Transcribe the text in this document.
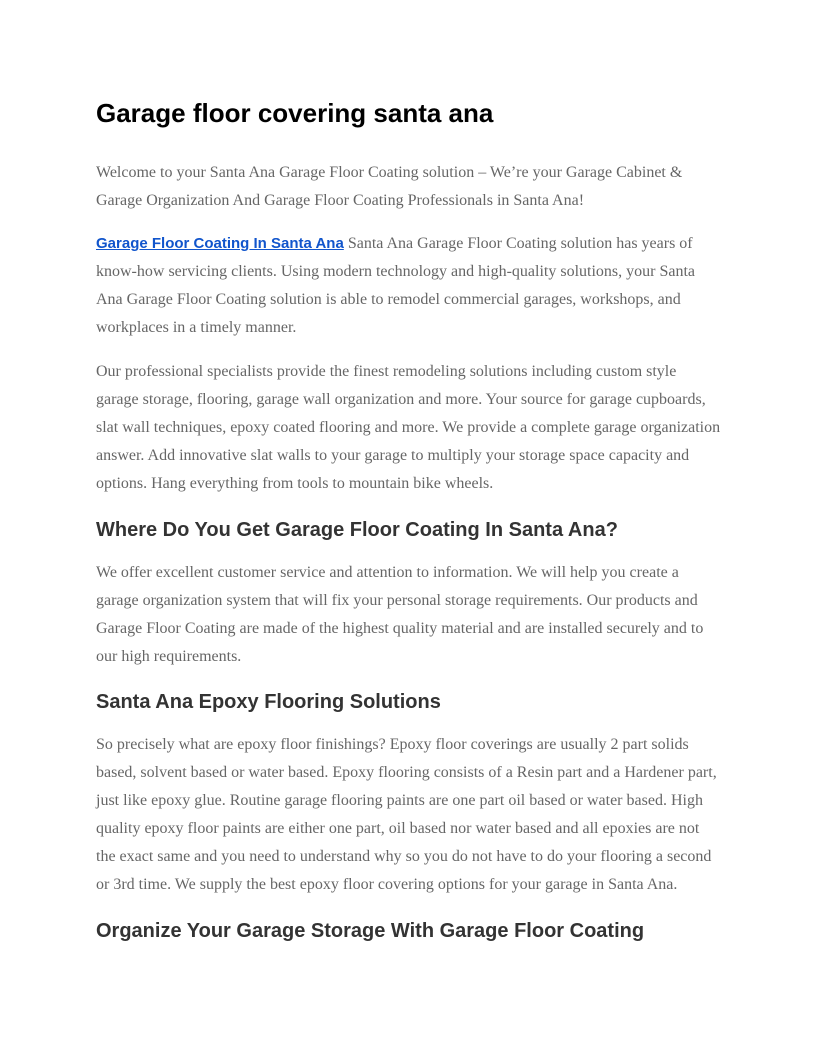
Garage floor covering santa ana

Welcome to your Santa Ana Garage Floor Coating solution – We’re your Garage Cabinet & Garage Organization And Garage Floor Coating Professionals in Santa Ana!

Garage Floor Coating In Santa Ana Santa Ana Garage Floor Coating solution has years of know-how servicing clients. Using modern technology and high-quality solutions, your Santa Ana Garage Floor Coating solution is able to remodel commercial garages, workshops, and workplaces in a timely manner.

Our professional specialists provide the finest remodeling solutions including custom style garage storage, flooring, garage wall organization and more. Your source for garage cupboards, slat wall techniques, epoxy coated flooring and more. We provide a complete garage organization answer. Add innovative slat walls to your garage to multiply your storage space capacity and options. Hang everything from tools to mountain bike wheels.

Where Do You Get Garage Floor Coating In Santa Ana?

We offer excellent customer service and attention to information. We will help you create a garage organization system that will fix your personal storage requirements. Our products and Garage Floor Coating are made of the highest quality material and are installed securely and to our high requirements.

Santa Ana Epoxy Flooring Solutions

So precisely what are epoxy floor finishings? Epoxy floor coverings are usually 2 part solids based, solvent based or water based. Epoxy flooring consists of a Resin part and a Hardener part, just like epoxy glue. Routine garage flooring paints are one part oil based or water based. High quality epoxy floor paints are either one part, oil based nor water based and all epoxies are not the exact same and you need to understand why so you do not have to do your flooring a second or 3rd time. We supply the best epoxy floor covering options for your garage in Santa Ana.

Organize Your Garage Storage With Garage Floor Coating
